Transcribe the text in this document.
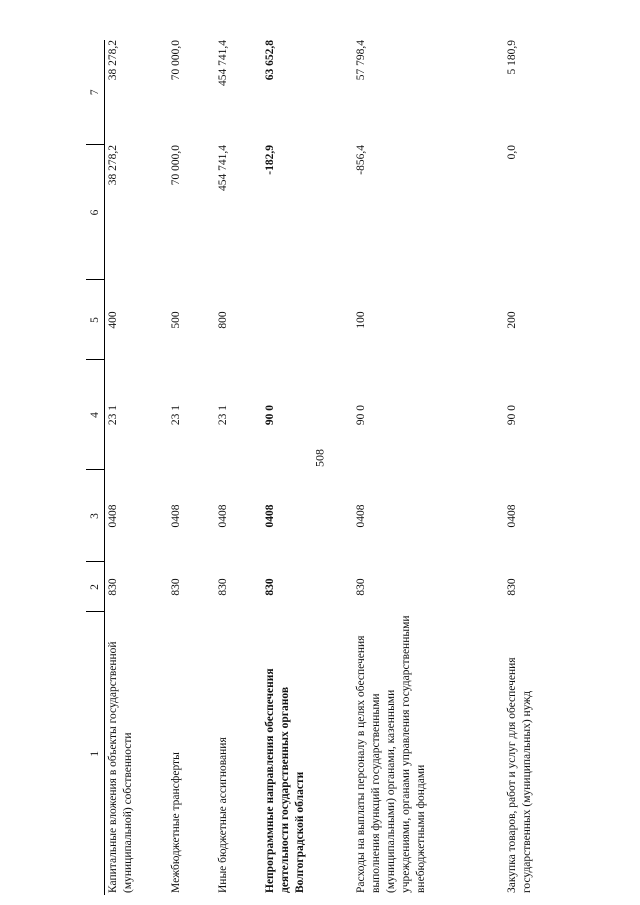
508
1	2	3	4	5	6	7
Капитальные вложения в объекты государственной (муниципальной) собственности	830	0408	23 1	400	38 278,2	38 278,2
Межбюджетные трансферты	830	0408	23 1	500	70 000,0	70 000,0
Иные бюджетные ассигнования	830	0408	23 1	800	454 741,4	454 741,4
Непрограммные направления обеспечения деятельности государственных органов Волгоградской области	830	0408	90 0		-182,9	63 652,8
Расходы на выплаты персоналу в целях обеспечения выполнения функций государственными (муниципальными) органами, казенными учреждениями, органами управления государственными внебюджетными фондами	830	0408	90 0	100	-856,4	57 798,4
Закупка товаров, работ и услуг для обеспечения государственных (муниципальных) нужд	830	0408	90 0	200	0,0	5 180,9
